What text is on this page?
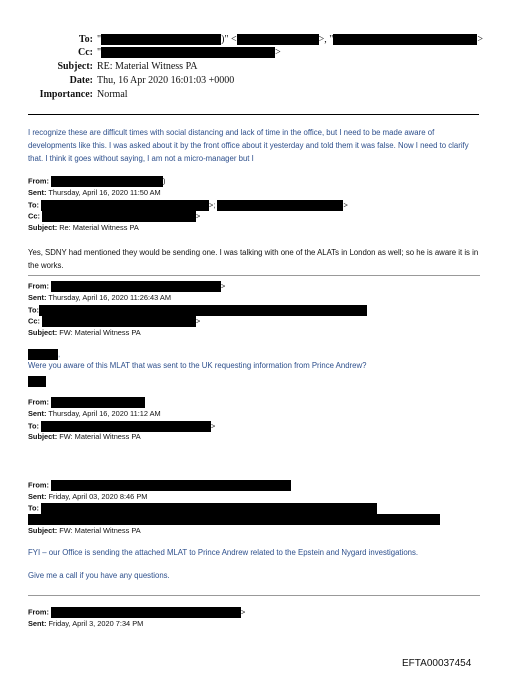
To: "	)" <	>, "	>
Cc: "	>
Subject: RE: Material Witness PA
Date: Thu, 16 Apr 2020 16:01:03 +0000
Importance: Normal
I recognize these are difficult times with social distancing and lack of time in the office, but I need to be made aware of developments like this. I was asked about it by the front office about it yesterday and told them it was false. Now I need to clarify that. I think it goes without saying, I am not a micro-manager but I
From:	)
Sent: Thursday, April 16, 2020 11:50 AM
To:	>;	>
Cc:	>
Subject: Re: Material Witness PA
Yes, SDNY had mentioned they would be sending one. I was talking with one of the ALATs in London as well; so he is aware it is in the works.
From:	>
Sent: Thursday, April 16, 2020 11:26:43 AM
To:
Cc:	>
Subject: FW: Material Witness PA
,
Were you aware of this MLAT that was sent to the UK requesting information from Prince Andrew?
From:
Sent: Thursday, April 16, 2020 11:12 AM
To:	>
Subject: FW: Material Witness PA
From:
Sent: Friday, April 03, 2020 8:46 PM
To:
Subject: FW: Material Witness PA
FYI – our Office is sending the attached MLAT to Prince Andrew related to the Epstein and Nygard investigations.
Give me a call if you have any questions.
From:	>
Sent: Friday, April 3, 2020 7:34 PM
EFTA00037454
